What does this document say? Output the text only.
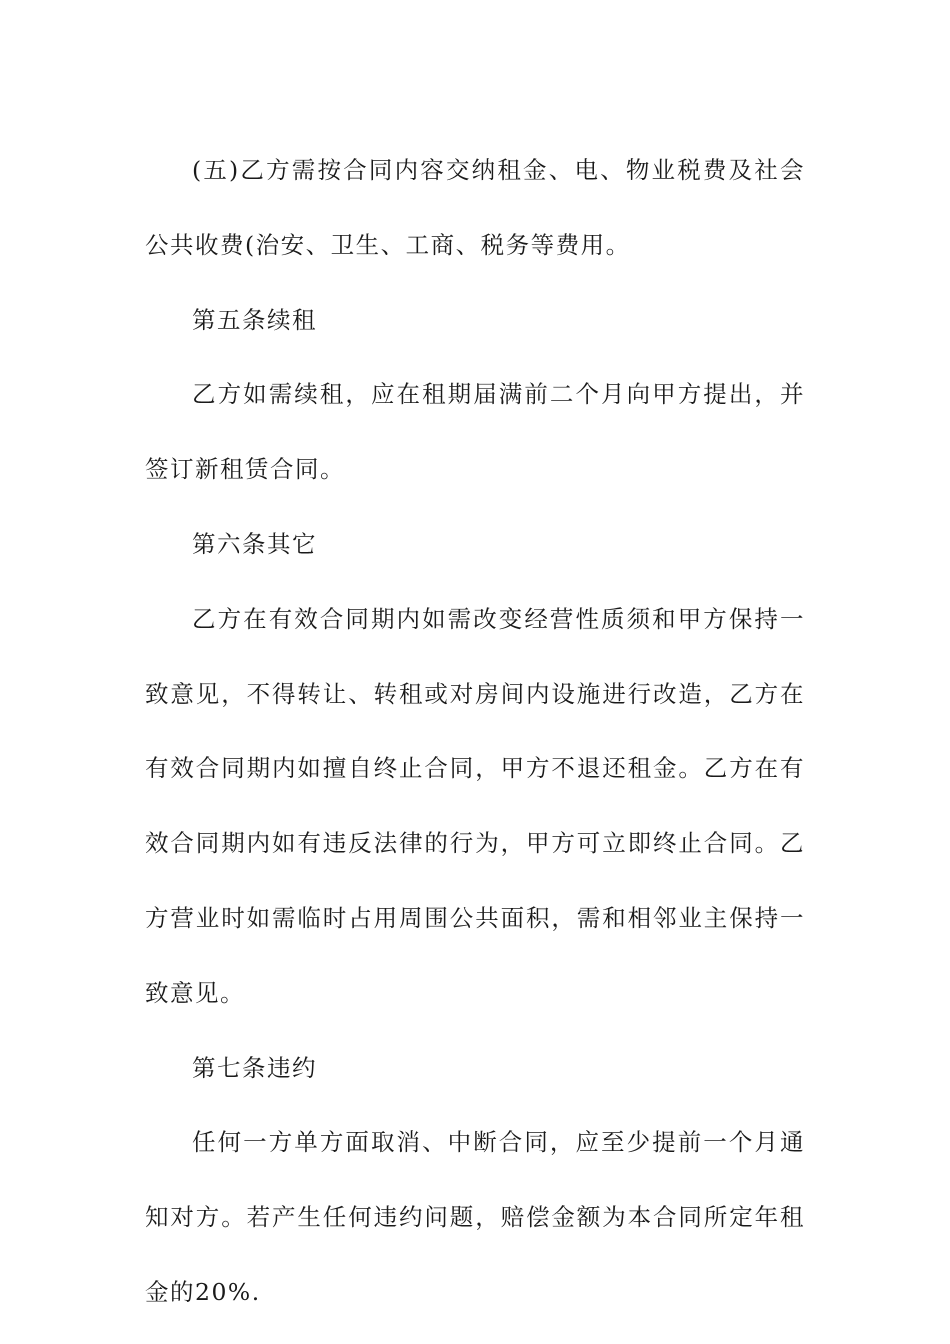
(五)乙方需按合同内容交纳租金、电、物业税费及社会公共收费(治安、卫生、工商、税务等费用。

第五条续租

乙方如需续租，应在租期届满前二个月向甲方提出，并签订新租赁合同。

第六条其它

乙方在有效合同期内如需改变经营性质须和甲方保持一致意见，不得转让、转租或对房间内设施进行改造，乙方在有效合同期内如擅自终止合同，甲方不退还租金。乙方在有效合同期内如有违反法律的行为，甲方可立即终止合同。乙方营业时如需临时占用周围公共面积，需和相邻业主保持一致意见。

第七条违约

任何一方单方面取消、中断合同，应至少提前一个月通知对方。若产生任何违约问题，赔偿金额为本合同所定年租金的20%.
